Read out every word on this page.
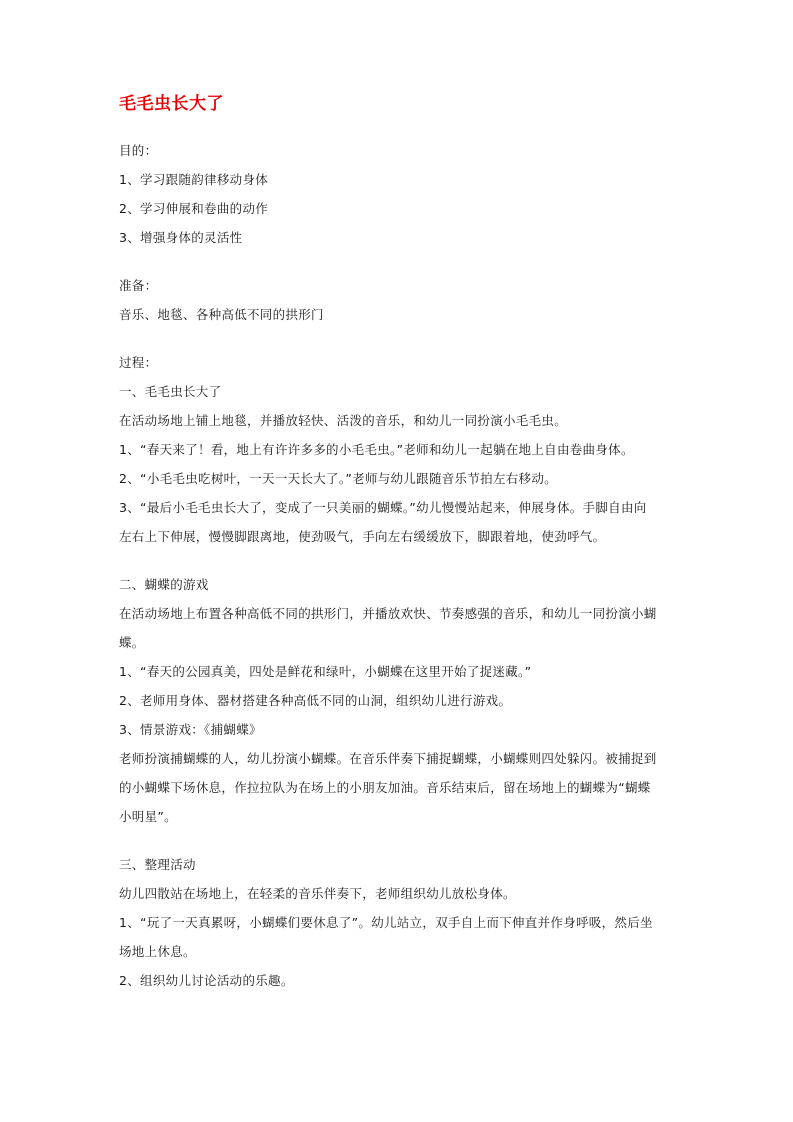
毛毛虫长大了
目的：
1、学习跟随韵律移动身体
2、学习伸展和卷曲的动作
3、增强身体的灵活性
准备：
音乐、地毯、各种高低不同的拱形门
过程：
一、毛毛虫长大了
在活动场地上铺上地毯，并播放轻快、活泼的音乐，和幼儿一同扮演小毛毛虫。
1、“春天来了！看，地上有许许多多的小毛毛虫。”老师和幼儿一起躺在地上自由卷曲身体。
2、“小毛毛虫吃树叶，一天一天长大了。”老师与幼儿跟随音乐节拍左右移动。
3、“最后小毛毛虫长大了，变成了一只美丽的蝴蝶。”幼儿慢慢站起来，伸展身体。手脚自由向
左右上下伸展，慢慢脚跟离地，使劲吸气，手向左右缓缓放下，脚跟着地，使劲呼气。
二、蝴蝶的游戏
在活动场地上布置各种高低不同的拱形门，并播放欢快、节奏感强的音乐，和幼儿一同扮演小蝴
蝶。
1、“春天的公园真美，四处是鲜花和绿叶，小蝴蝶在这里开始了捉迷藏。”
2、老师用身体、器材搭建各种高低不同的山洞，组织幼儿进行游戏。
3、情景游戏：《捕蝴蝶》
老师扮演捕蝴蝶的人，幼儿扮演小蝴蝶。在音乐伴奏下捕捉蝴蝶，小蝴蝶则四处躲闪。被捕捉到
的小蝴蝶下场休息，作拉拉队为在场上的小朋友加油。音乐结束后，留在场地上的蝴蝶为“蝴蝶
小明星”。
三、整理活动
幼儿四散站在场地上，在轻柔的音乐伴奏下，老师组织幼儿放松身体。
1、“玩了一天真累呀，小蝴蝶们要休息了”。幼儿站立，双手自上而下伸直并作身呼吸，然后坐
场地上休息。
2、组织幼儿讨论活动的乐趣。
